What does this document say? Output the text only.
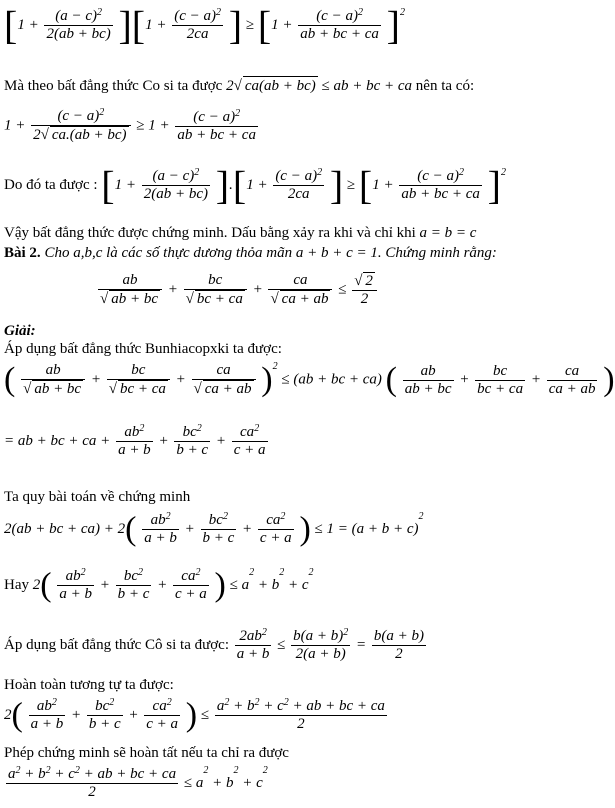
$[1 + \frac{(a - c)^2}{2(ab + bc)} ][1 + \frac{(c - a)^2}{2ca}$ ] ≥ $[1 + \frac{(c - a)^2}{ab + bc + ca} ]^2$
Mà theo bất đẳng thức Co si ta được 2 √ ca(ab + bc) ≤ ab + bc + ca nên ta có:
$1 + \frac{(c - a)^2}{2 √ ca.(ab + bc)} \ge 1 + \frac{(c - a)^2}{ab + bc + ca}$
Do đó ta được : $[1 + \frac{(a - c)^2}{2(ab + bc)} ].[1 + \frac{(c - a)^2}{2ca}$ ] ≥ $[1 + \frac{(c - a)^2}{ab + bc + ca} ]^2$
Vậy bất đẳng thức được chứng minh. Dấu bằng xảy ra khi và chỉ khi a = b = c
Bài 2. Cho a,b,c là các số thực dương thỏa mãn a + b + c = 1. Chứng minh rằng:
ab
√ ab + bc + bc
√ bc + ca + ca
√ ca + ab ≤ √ $\frac{2}{2}$
Giải:
Áp dụng bất đẳng thức Bunhiacopxki ta được:
( ab
√ ab + bc + bc
√ bc + ca + ca
√ ca + ab )$^2$ ≤ (ab + bc + ca) ( $\frac{ab}{ab + bc} + \frac{bc}{bc + ca} + \frac{ca}{ca + ab}$ )
= ab + bc + ca + $\frac{ab^2}{a + b} + \frac{bc^2}{b + c} + \frac{ca^2}{c + a}$
Ta quy bài toán về chứng minh
2(ab + bc + $ca) + 2( \frac{ab^2}{a + b} + \frac{bc^2}{b + c} + \frac{ca^2}{c + a}$ ) ≤ $1 = (a + b + c)^2$
Hay $2( \frac{ab^2}{a + b} + \frac{bc^2}{b + c} + \frac{ca^2}{c + a}$ ) ≤ $a^2 + b^2 + c^2$
Áp dụng bất đẳng thức Cô si ta được: $\frac{2ab^2}{a + b} \le \frac{b(a + b)^2}{2(a + b)} = \frac{b(a + b)}{2}$
Hoàn toàn tương tự ta được:
$2( \frac{ab^2}{a + b} + \frac{bc^2}{b + c} + \frac{ca^2}{c + a}$ ) ≤ $\frac{a^2 + b^2 + c^2 + ab + bc + ca}{2}$
Phép chứng minh sẽ hoàn tất nếu ta chỉ ra được
$\frac{a^2 + b^2 + c^2 + ab + bc + ca}{2} \le a^2 + b^2 + c^2$
